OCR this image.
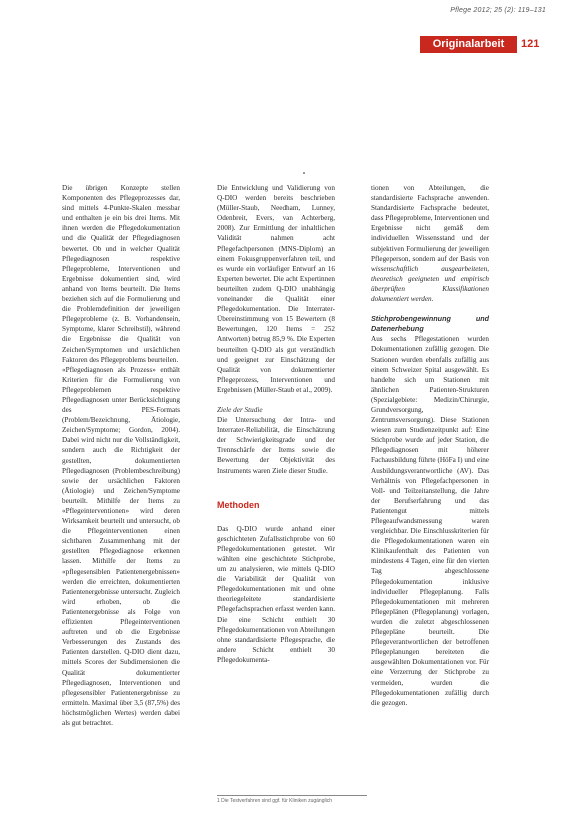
Pflege 2012; 25 (2): 119–131
Originalarbeit	121

Die übrigen Konzepte stellen Komponenten des Pflegeprozesses dar, sind mittels 4-Punkte-Skalen messbar und enthalten je ein bis drei Items. Mit ihnen werden die Pflegedokumentation und die Qualität der Pflegediagnosen bewertet. Ob und in welcher Qualität Pflegediagnosen respektive Pflegeprobleme, Interventionen und Ergebnisse dokumentiert sind, wird anhand von Items beurteilt. Die Items beziehen sich auf die Formulierung und die Problemdefinition der jeweiligen Pflegeprobleme (z. B. Vorhandensein, Symptome, klarer Schreibstil), während die Ergebnisse die Qualität von Zeichen/Symptomen und ursächlichen Faktoren des Pflegeproblems beurteilen.

«Pflegediagnosen als Prozess» enthält Kriterien für die Formulierung von Pflegeproblemen respektive Pflegediagnosen unter Berücksichtigung des PES-Formats (Problem/Bezeichnung, Ätiologie, Zeichen/Symptome; Gordon, 2004). Dabei wird nicht nur die Vollständigkeit, sondern auch die Richtigkeit der gestellten, dokumentierten Pflegediagnosen (Problembeschreibung) sowie der ursächlichen Faktoren (Ätiologie) und Zeichen/Symptome beurteilt. Mithilfe der Items zu «Pflegeinterventionen» wird deren Wirksamkeit beurteilt und untersucht, ob die Pflegeinterventionen einen sichtbaren Zusammenhang mit der gestellten Pflegediagnose erkennen lassen. Mithilfe der Items zu «pflegesensiblen Patientenergebnissen» werden die erreichten, dokumentierten Patientenergebnisse untersucht. Zugleich wird erhoben, ob die Patientenergebnisse als Folge von effizienten Pflegeinterventionen auftreten und ob die Ergebnisse Verbesserungen des Zustands des Patienten darstellen. Q-DIO dient dazu, mittels Scores der Subdimensionen die Qualität dokumentierter Pflegediagnosen, Interventionen und pflegesensibler Patientenergebnisse zu ermitteln. Maximal über 3,5 (87,5%) des höchstmöglichen Wertes) werden dabei als gut betrachtet.

Die Entwicklung und Validierung von Q-DIO werden bereits beschrieben (Müller-Staub, Needham, Lunney, Odenbreit, Evers, van Achterberg, 2008). Zur Ermittlung der inhaltlichen Validität nahmen acht Pflegefachpersonen (MNS-Diplom) an einem Fokusgruppenverfahren teil, und es wurde ein vorläufiger Entwurf an 16 Experten bewertet. Die acht Expertinnen beurteilten zudem Q-DIO unabhängig voneinander die Qualität einer Pflegedokumentation. Die Interrater-Übereinstimmung von 15 Bewertern (8 Bewertungen, 120 Items = 252 Antworten) betrug 85,9 %. Die Experten beurteilten Q-DIO als gut verständlich und geeignet zur Einschätzung der Qualität von dokumentierter Pflegeprozess, Interventionen und Ergebnissen (Müller-Staub et al., 2009).

Ziele der Studie

Die Untersuchung der Intra- und Interrater-Reliabilität, die Einschätzung der Schwierigkeitsgrade und der Trennschärfe der Items sowie die Bewertung der Objektivität des Instruments waren Ziele dieser Studie.

Methoden

Das Q-DIO wurde anhand einer geschichteten Zufallsstichprobe von 60 Pflegedokumentationen getestet. Wir wählten eine geschichtete Stichprobe, um zu analysieren, wie mittels Q-DIO die Variabilität der Qualität von Pflegedokumentationen mit und ohne theoriegeleitete standardisierte Pflegefachsprachen erfasst werden kann. Die eine Schicht enthielt 30 Pflegedokumentationen von Abteilungen ohne standardisierte Pflegesprache, die andere Schicht enthielt 30 Pflegedokumenta-

1 Die Testverfahren sind ggf. für Kliniken zugänglich

tionen von Abteilungen, die standardisierte Fachsprache anwenden. Standardisierte Fachsprache bedeutet, dass Pflegeprobleme, Interventionen und Ergebnisse nicht gemäß dem individuellen Wissensstand und der subjektiven Formulierung der jeweiligen Pflegeperson, sondern auf der Basis von wissenschaftlich ausgearbeiteten, theoretisch geeigneten und empirisch überprüften Klassifikationen dokumentiert werden.

Stichprobengewinnung und Datenerhebung

Aus sechs Pflegestationen wurden Dokumentationen zufällig gezogen. Die Stationen wurden ebenfalls zufällig aus einem Schweizer Spital ausgewählt. Es handelte sich um Stationen mit ähnlichen Patienten-Strukturen (Spezialgebiete: Medizin/Chirurgie, Grundversorgung, Zentrumsversorgung). Diese Stationen wiesen zum Studienzeitpunkt auf: Eine Stichprobe wurde auf jeder Station, die Pflegediagnosen mit höherer Fachausbildung führte (HöFa I) und eine Ausbildungsverantwortliche (AV). Das Verhältnis von Pflegefachpersonen in Voll- und Teilzeitanstellung, die Jahre der Berufserfahrung und das Patientengut mittels Pflegeaufwandsmessung waren vergleichbar. Die Einschlusskriterien für die Pflegedokumentationen waren ein Klinikaufenthalt des Patienten von mindestens 4 Tagen, eine für den vierten Tag abgeschlossene Pflegedokumentation inklusive individueller Pflegeplanung. Falls Pflegedokumentationen mit mehreren Pflegeplänen (Pflegeplanung) vorlagen, wurden die zuletzt abgeschlossenen Pflegepläne beurteilt. Die Pflegeverantwortlichen der betroffenen Pflegeplanungen bereiteten die ausgewählten Dokumentationen vor. Für eine Verzerrung der Stichprobe zu vermeiden, wurden die Pflegedokumentationen zufällig durch die gezogen.
